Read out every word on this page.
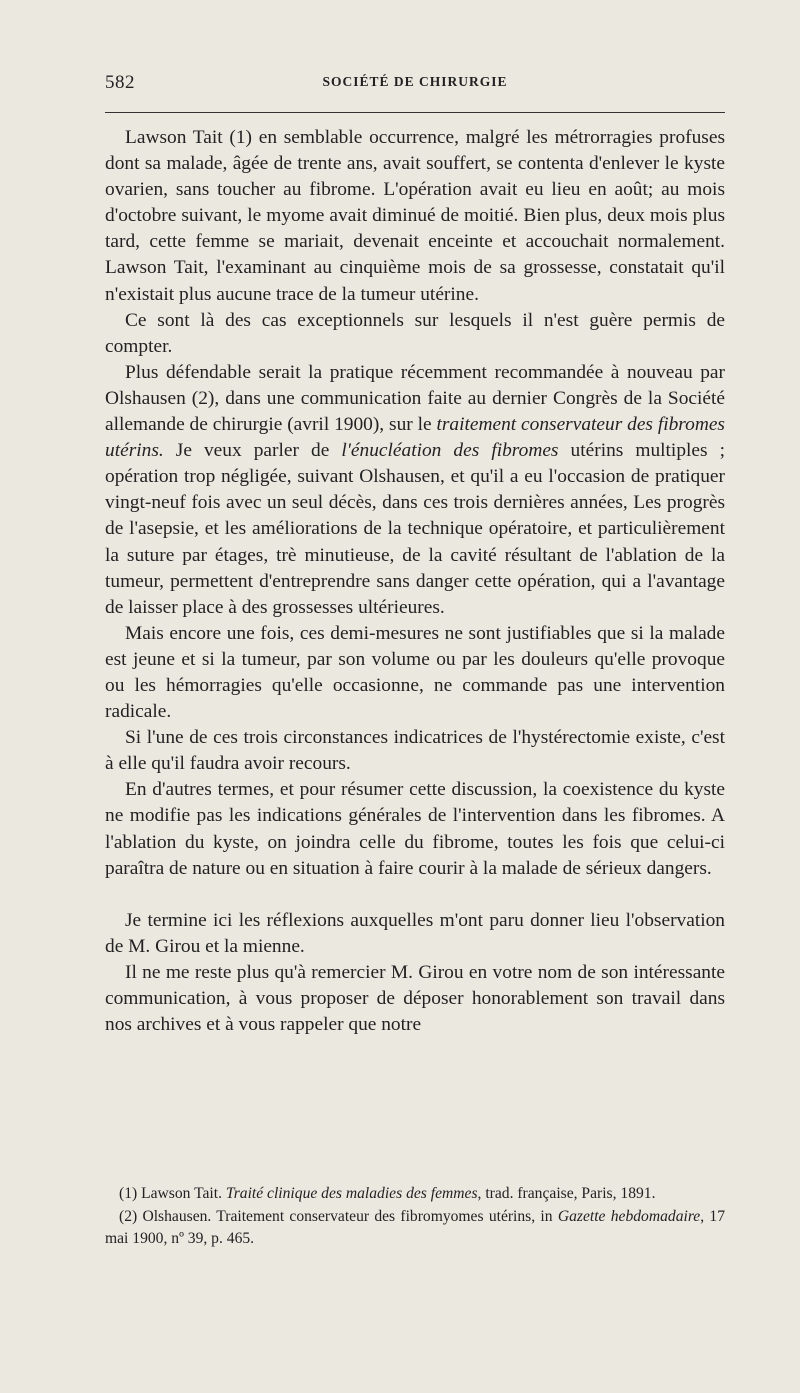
582	SOCIÉTÉ DE CHIRURGIE

Lawson Tait (1) en semblable occurrence, malgré les métrorragies profuses dont sa malade, âgée de trente ans, avait souffert, se contenta d'enlever le kyste ovarien, sans toucher au fibrome. L'opération avait eu lieu en août; au mois d'octobre suivant, le myome avait diminué de moitié. Bien plus, deux mois plus tard, cette femme se mariait, devenait enceinte et accouchait normalement. Lawson Tait, l'examinant au cinquième mois de sa grossesse, constatait qu'il n'existait plus aucune trace de la tumeur utérine.

Ce sont là des cas exceptionnels sur lesquels il n'est guère permis de compter.

Plus défendable serait la pratique récemment recommandée à nouveau par Olshausen (2), dans une communication faite au dernier Congrès de la Société allemande de chirurgie (avril 1900), sur le traitement conservateur des fibromes utérins. Je veux parler de l'énucléation des fibromes utérins multiples ; opération trop négligée, suivant Olshausen, et qu'il a eu l'occasion de pratiquer vingt-neuf fois avec un seul décès, dans ces trois dernières années, Les progrès de l'asepsie, et les améliorations de la technique opératoire, et particulièrement la suture par étages, trè minutieuse, de la cavité résultant de l'ablation de la tumeur, permettent d'entreprendre sans danger cette opération, qui a l'avantage de laisser place à des grossesses ultérieures.

Mais encore une fois, ces demi-mesures ne sont justifiables que si la malade est jeune et si la tumeur, par son volume ou par les douleurs qu'elle provoque ou les hémorragies qu'elle occasionne, ne commande pas une intervention radicale.

Si l'une de ces trois circonstances indicatrices de l'hystérectomie existe, c'est à elle qu'il faudra avoir recours.

En d'autres termes, et pour résumer cette discussion, la coexistence du kyste ne modifie pas les indications générales de l'intervention dans les fibromes. A l'ablation du kyste, on joindra celle du fibrome, toutes les fois que celui-ci paraîtra de nature ou en situation à faire courir à la malade de sérieux dangers.

Je termine ici les réflexions auxquelles m'ont paru donner lieu l'observation de M. Girou et la mienne.

Il ne me reste plus qu'à remercier M. Girou en votre nom de son intéressante communication, à vous proposer de déposer honorablement son travail dans nos archives et à vous rappeler que notre

(1) Lawson Tait. Traité clinique des maladies des femmes, trad. française, Paris, 1891.

(2) Olshausen. Traitement conservateur des fibromyomes utérins, in Gazette hebdomadaire, 17 mai 1900, nº 39, p. 465.
